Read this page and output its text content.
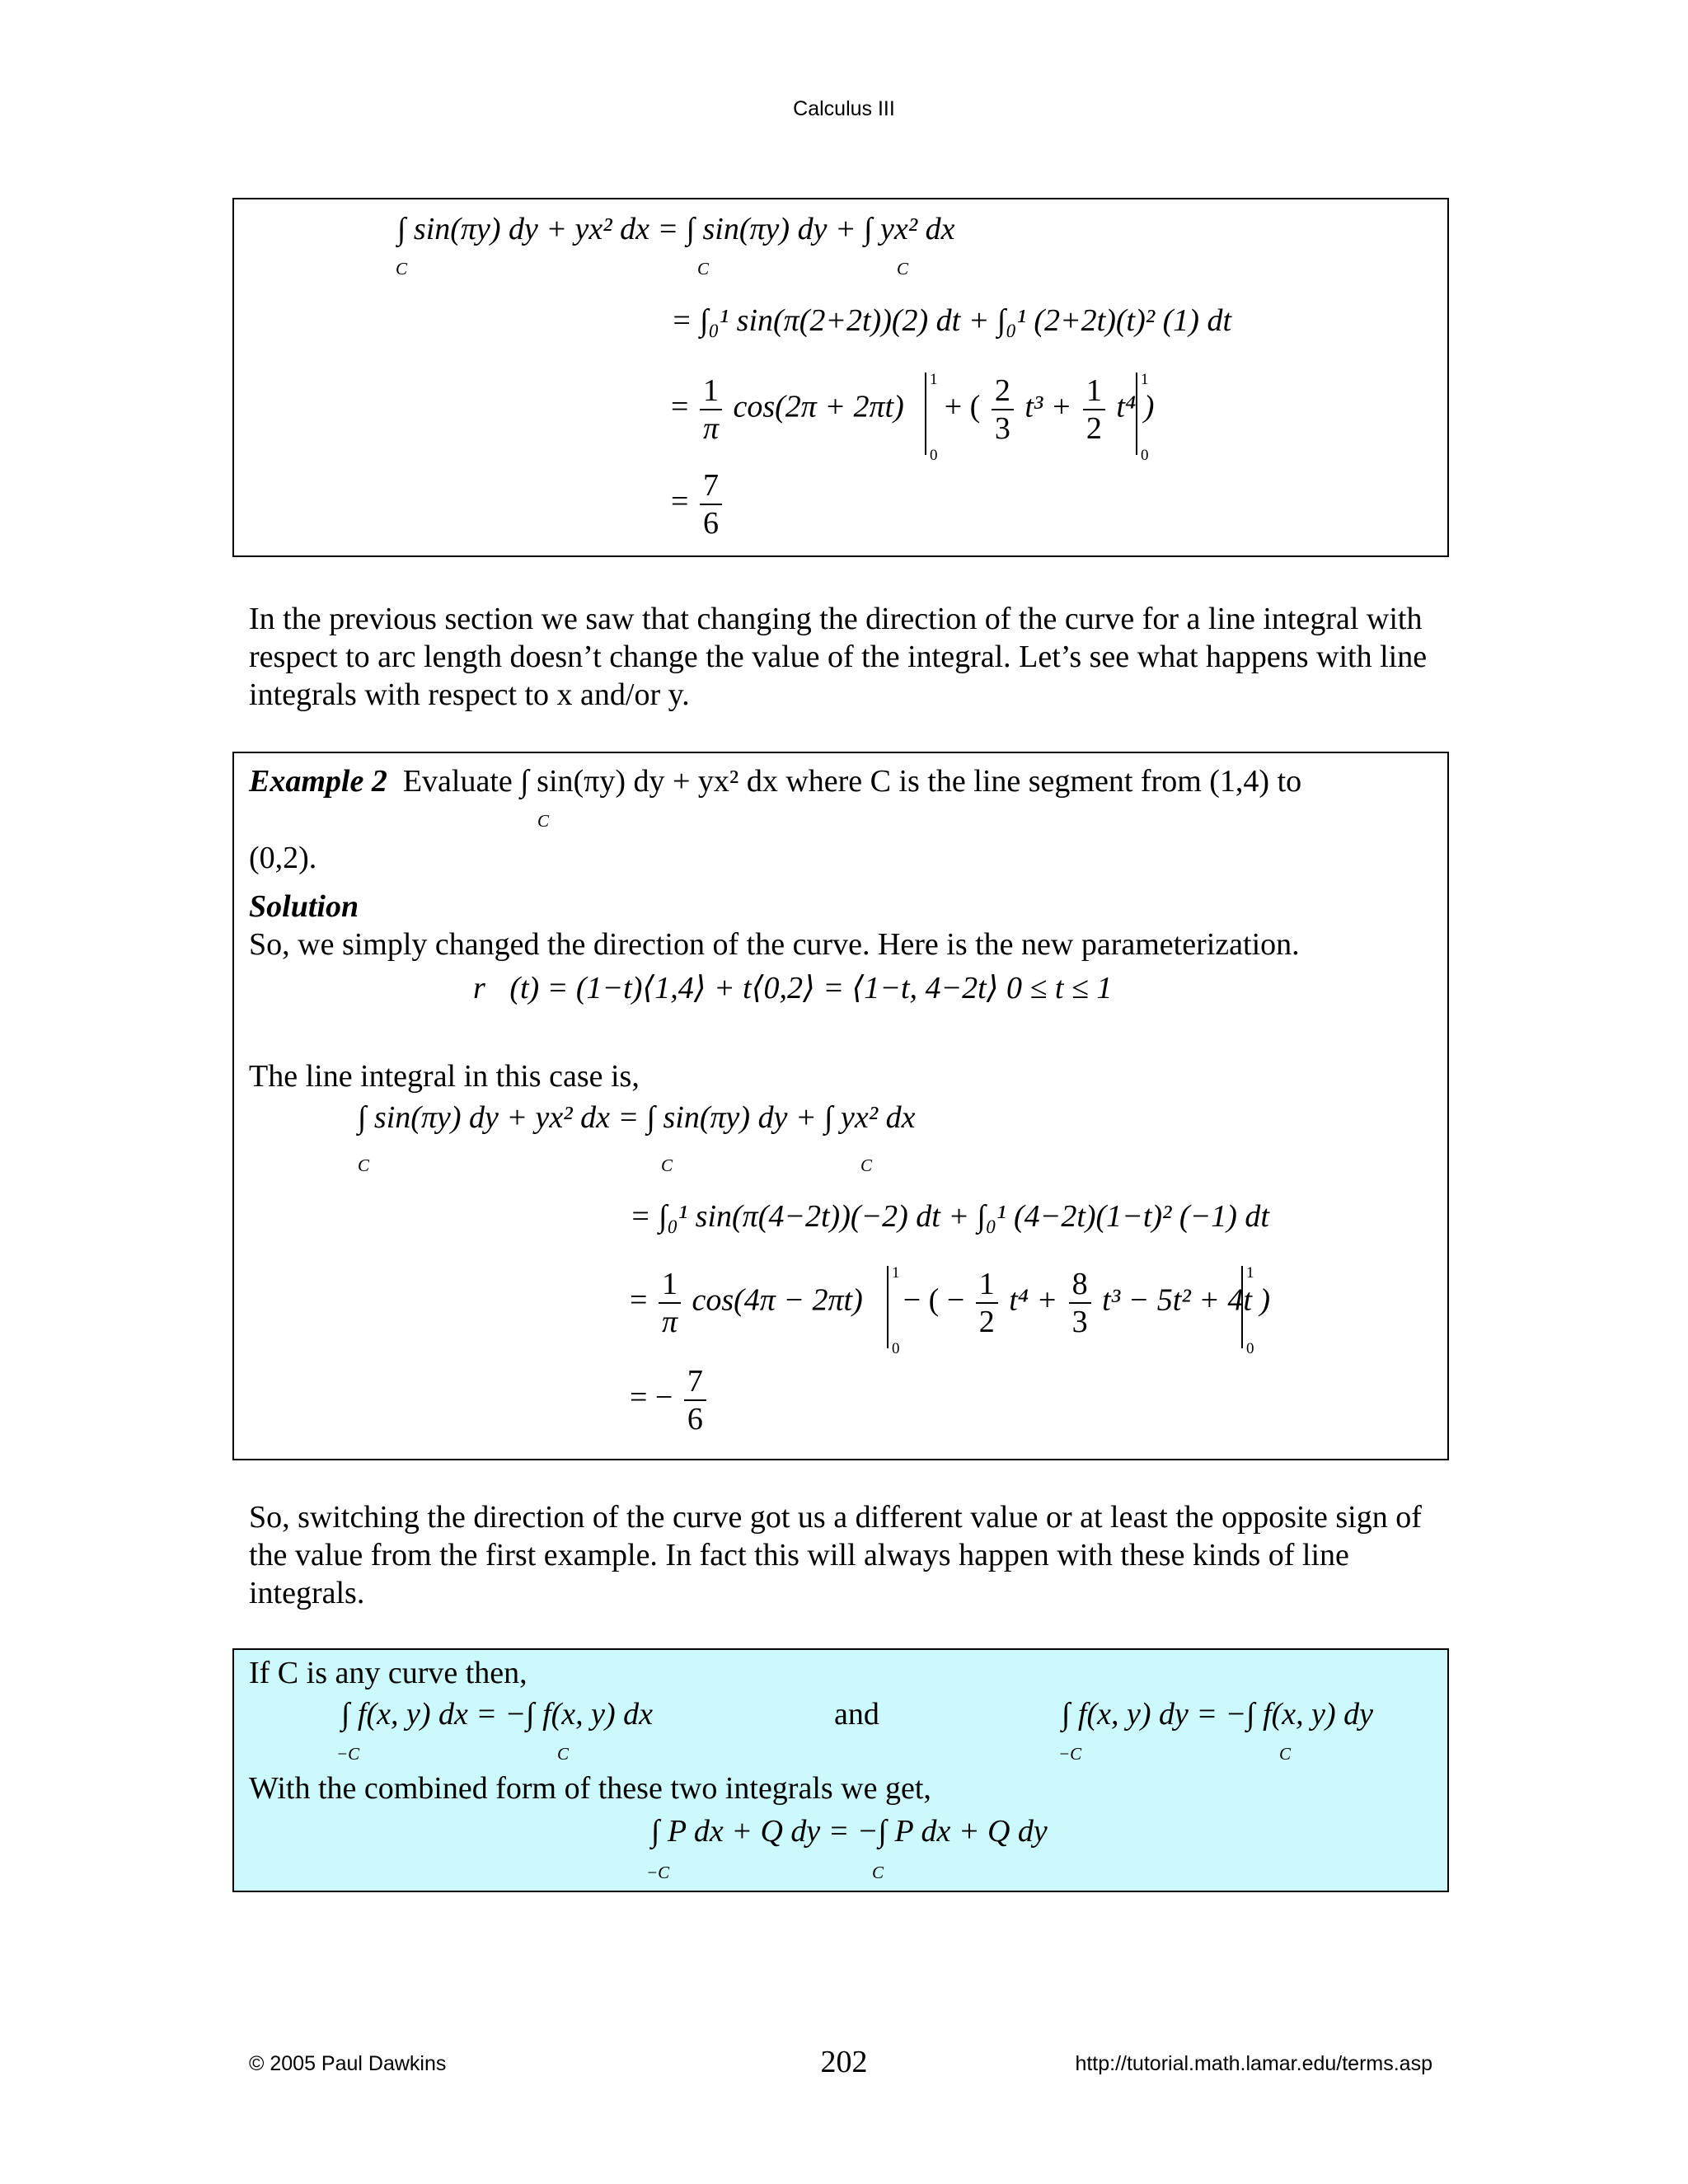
Calculus III
∫ sin(πy) dy + yx² dx = ∫ sin(πy) dy + ∫ yx² dx
C	C	C
= ∫₀¹ sin(π(2+2t))(2) dt + ∫₀¹ (2+2t)(t)² (1) dt
= $\frac{1}{\pi} \cos(2\pi + 2\pi t)$ + ( $\frac{2}{3} t^3 + \frac{1}{2} t^4$ )
1
0
1
0
= $\frac{7}{6}$
In the previous section we saw that changing the direction of the curve for a line integral with respect to arc length doesn’t change the value of the integral. Let’s see what happens with line integrals with respect to x and/or y.
Example 2 Evaluate ∫ sin(πy) dy + yx² dx where C is the line segment from (1,4) to
C
(0,2).
Solution
So, we simply changed the direction of the curve. Here is the new parameterization.
r⃗(t) = (1−t)⟨1,4⟩ + t⟨0,2⟩ = ⟨1−t, 4−2t⟩ 0 ≤ t ≤ 1
The line integral in this case is,
∫ sin(πy) dy + yx² dx = ∫ sin(πy) dy + ∫ yx² dx
C	C	C
= ∫₀¹ sin(π(4−2t))(−2) dt + ∫₀¹ (4−2t)(1−t)² (−1) dt
= $\frac{1}{\pi} \cos(4\pi - 2\pi t)$ − ( − $\frac{1}{2} t^4 + \frac{8}{3} t^3 - 5t^2 + 4t$ )
1
0
1
0
= − $\frac{7}{6}$
So, switching the direction of the curve got us a different value or at least the opposite sign of the value from the first example. In fact this will always happen with these kinds of line integrals.
If C is any curve then,
∫ f(x, y) dx = −∫ f(x, y) dx
−C	C
and	∫ f(x, y) dy = −∫ f(x, y) dy
−C	C
With the combined form of these two integrals we get,
∫ P dx + Q dy = −∫ P dx + Q dy
−C	C
© 2005 Paul Dawkins	202	http://tutorial.math.lamar.edu/terms.asp
